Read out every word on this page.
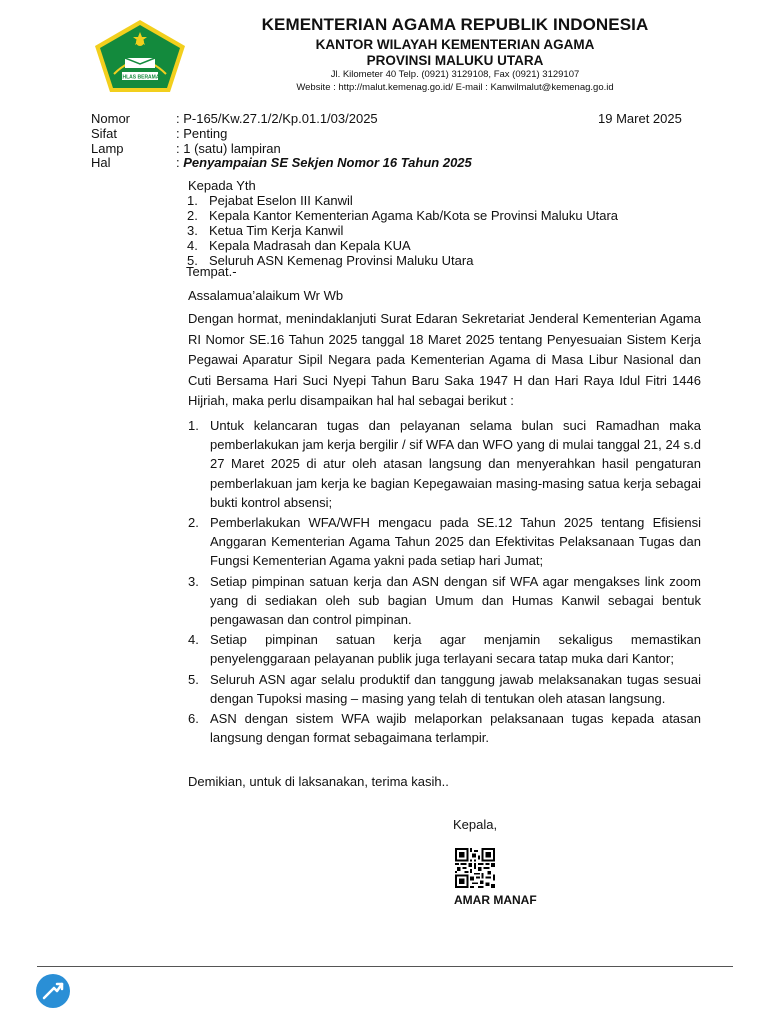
IKHLAS BERAMAL
KEMENTERIAN AGAMA REPUBLIK INDONESIA
KANTOR WILAYAH KEMENTERIAN AGAMA
PROVINSI MALUKU UTARA
Jl. Kilometer 40 Telp. (0921) 3129108, Fax (0921) 3129107
Website : http://malut.kemenag.go.id/ E-mail : Kanwilmalut@kemenag.go.id
Nomor	: P-165/Kw.27.1/2/Kp.01.1/03/2025	19 Maret 2025
Sifat	: Penting
Lamp	: 1 (satu) lampiran
Hal	: Penyampaian SE Sekjen Nomor 16 Tahun 2025
Kepada Yth
1. Pejabat Eselon III Kanwil
2. Kepala Kantor Kementerian Agama Kab/Kota se Provinsi Maluku Utara
3. Ketua Tim Kerja Kanwil
4. Kepala Madrasah dan Kepala KUA
5. Seluruh ASN Kemenag Provinsi Maluku Utara
Tempat.-
Assalamua’alaikum Wr Wb
Dengan hormat, menindaklanjuti Surat Edaran Sekretariat Jenderal Kementerian Agama RI Nomor SE.16 Tahun 2025 tanggal 18 Maret 2025 tentang Penyesuaian Sistem Kerja Pegawai Aparatur Sipil Negara pada Kementerian Agama di Masa Libur Nasional dan Cuti Bersama Hari Suci Nyepi Tahun Baru Saka 1947 H dan Hari Raya Idul Fitri 1446 Hijriah, maka perlu disampaikan hal hal sebagai berikut :
1. Untuk kelancaran tugas dan pelayanan selama bulan suci Ramadhan maka pemberlakukan jam kerja bergilir / sif WFA dan WFO yang di mulai tanggal 21, 24 s.d 27 Maret 2025 di atur oleh atasan langsung dan menyerahkan hasil pengaturan pemberlakuan jam kerja ke bagian Kepegawaian masing-masing satua kerja sebagai bukti kontrol absensi;
2. Pemberlakukan WFA/WFH mengacu pada SE.12 Tahun 2025 tentang Efisiensi Anggaran Kementerian Agama Tahun 2025 dan Efektivitas Pelaksanaan Tugas dan Fungsi Kementerian Agama yakni pada setiap hari Jumat;
3. Setiap pimpinan satuan kerja dan ASN dengan sif WFA agar mengakses link zoom yang di sediakan oleh sub bagian Umum dan Humas Kanwil sebagai bentuk pengawasan dan control pimpinan.
4. Setiap pimpinan satuan kerja agar menjamin sekaligus memastikan penyelenggaraan pelayanan publik juga terlayani secara tatap muka dari Kantor;
5. Seluruh ASN agar selalu produktif dan tanggung jawab melaksanakan tugas sesuai dengan Tupoksi masing – masing yang telah di tentukan oleh atasan langsung.
6. ASN dengan sistem WFA wajib melaporkan pelaksanaan tugas kepada atasan langsung dengan format sebagaimana terlampir.
Demikian, untuk di laksanakan, terima kasih..
Kepala,
AMAR MANAF
